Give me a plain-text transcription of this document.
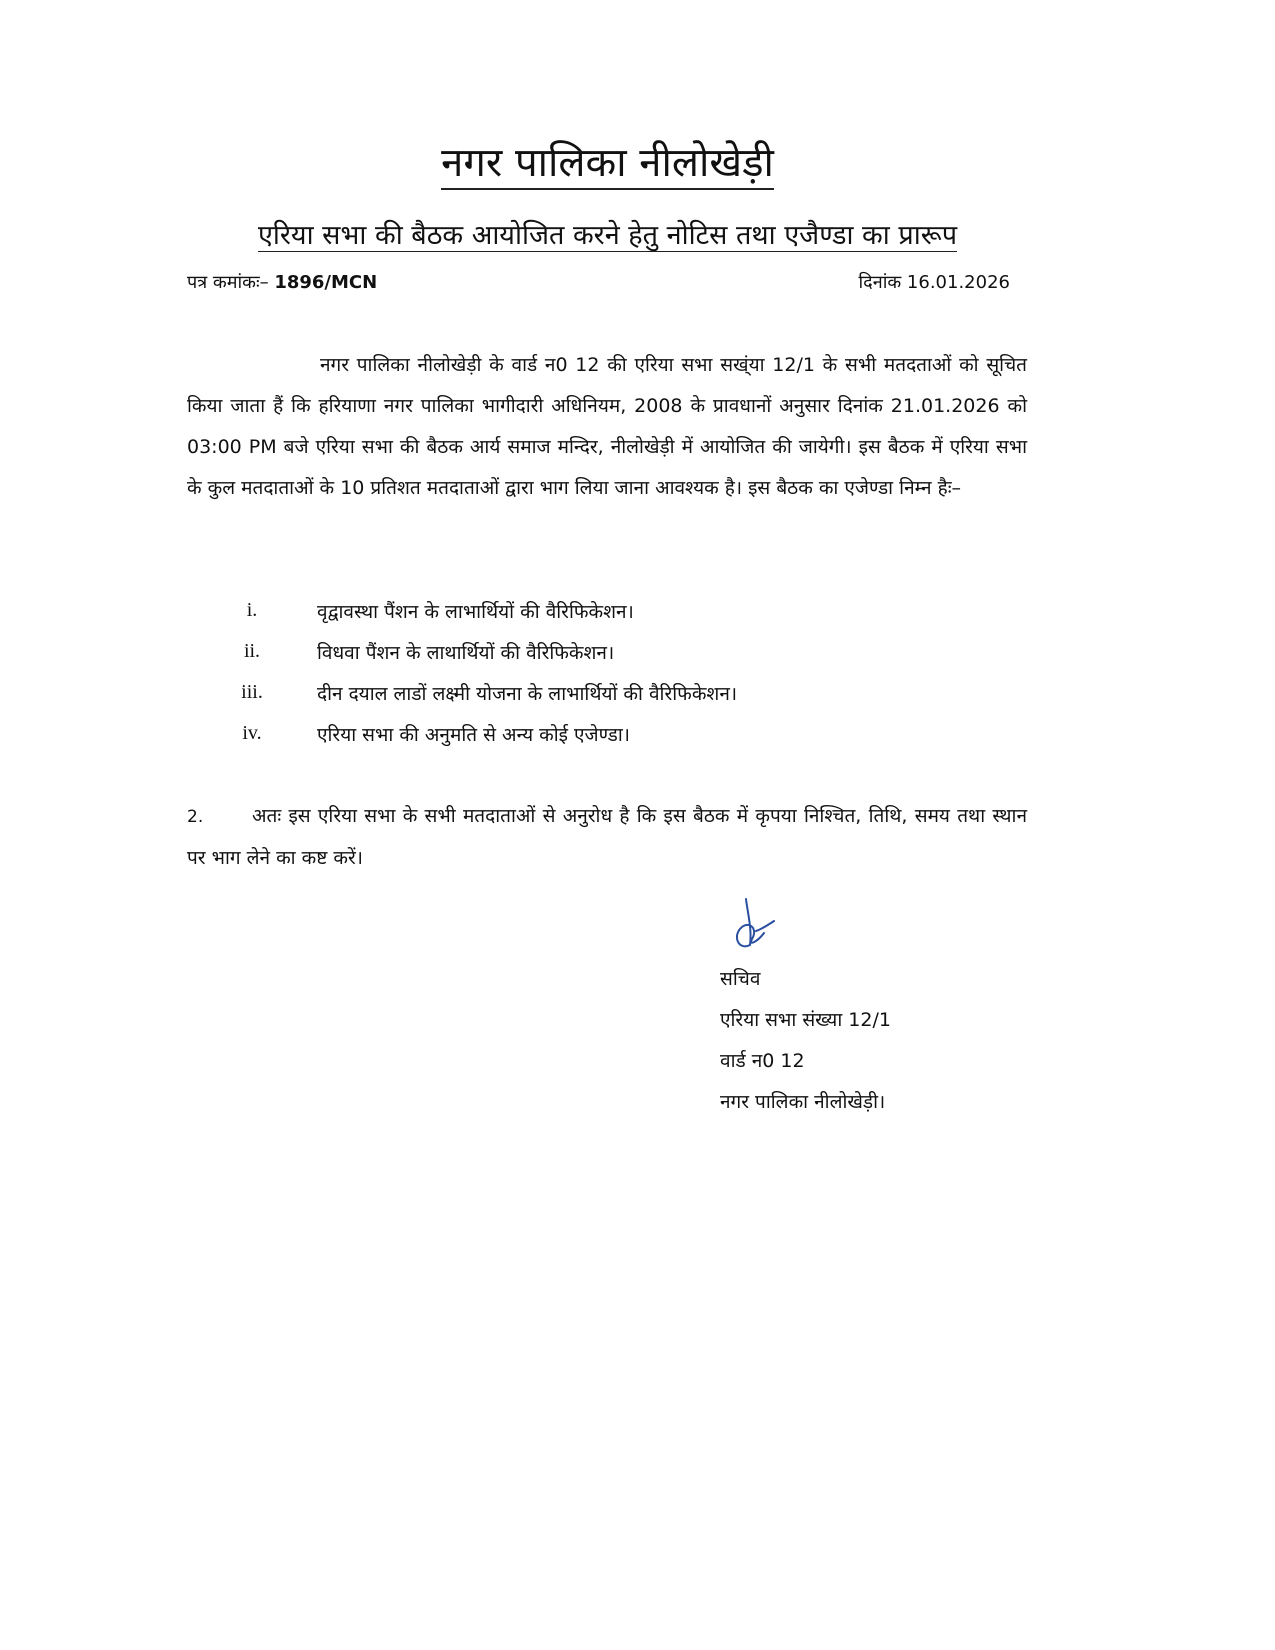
नगर पालिका नीलोखेड़ी
एरिया सभा की बैठक आयोजित करने हेतु नोटिस तथा एजैण्डा का प्रारूप
पत्र कमांकः– 1896/MCN	दिनांक 16.01.2026
नगर पालिका नीलोखेड़ी के वार्ड न0 12 की एरिया सभा सख्ंया 12/1 के सभी मतदताओं को सूचित किया जाता हैं कि हरियाणा नगर पालिका भागीदारी अधिनियम, 2008 के प्रावधानों अनुसार दिनांक 21.01.2026 को 03:00 PM बजे एरिया सभा की बैठक आर्य समाज मन्दिर, नीलोखेड़ी में आयोजित की जायेगी। इस बैठक में एरिया सभा के कुल मतदाताओं के 10 प्रतिशत मतदाताओं द्वारा भाग लिया जाना आवश्यक है। इस बैठक का एजेण्डा निम्न हैः–
i.	वृद्वावस्था पैंशन के लाभार्थियों की वैरिफिकेशन।
ii.	विधवा पैंशन के लाथार्थियों की वैरिफिकेशन।
iii.	दीन दयाल लाडों लक्ष्मी योजना के लाभार्थियों की वैरिफिकेशन।
iv.	एरिया सभा की अनुमति से अन्य कोई एजेण्डा।
2.	अतः इस एरिया सभा के सभी मतदाताओं से अनुरोध है कि इस बैठक में कृपया निश्चित, तिथि, समय तथा स्थान पर भाग लेने का कष्ट करें।
सचिव
एरिया सभा संख्या 12/1
वार्ड न0 12
नगर पालिका नीलोखेड़ी।
